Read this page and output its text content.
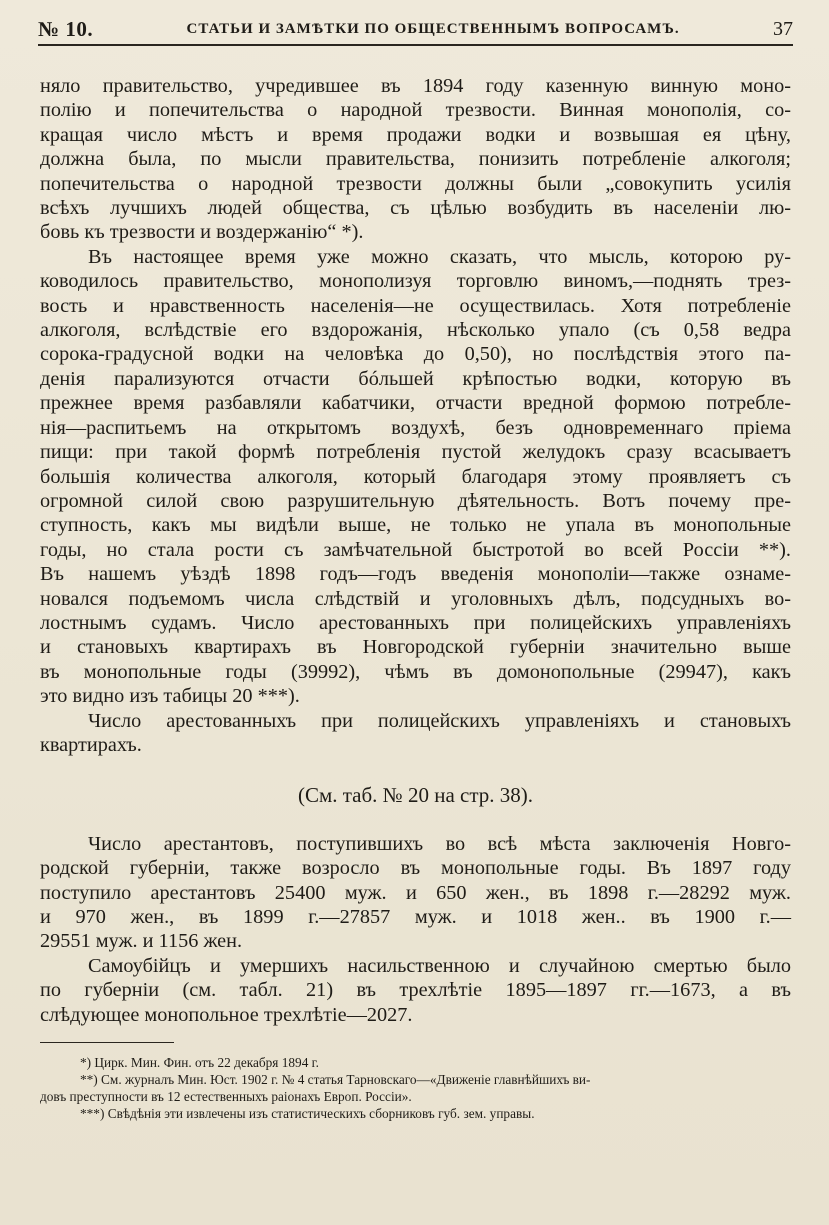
№ 10.	СТАТЬИ И ЗАМѢТКИ ПО ОБЩЕСТВЕННЫМЪ ВОПРОСАМЪ.	37

няло правительство, учредившее въ 1894 году казенную винную моно-
полiю и попечительства о народной трезвости. Винная монополiя, со-
кращая число мѣстъ и время продажи водки и возвышая ея цѣну,
должна была, по мысли правительства, понизить потребленiе алкоголя;
попечительства о народной трезвости должны были „совокупить усилiя
всѣхъ лучшихъ людей общества, съ цѣлью возбудить въ населенiи лю-
бовь къ трезвости и воздержанiю“ *).

Въ настоящее время уже можно сказать, что мысль, которою ру-
ководилось правительство, монополизуя торговлю виномъ,—поднять трез-
вость и нравственность населенiя—не осуществилась. Хотя потребленiе
алкоголя, вслѣдствiе его вздорожанiя, нѣсколько упало (съ 0,58 ведра
сорока-градусной водки на человѣка до 0,50), но послѣдствiя этого па-
денiя парализуются отчасти бóльшей крѣпостью водки, которую въ
прежнее время разбавляли кабатчики, отчасти вредной формою потребле-
нiя—распитьемъ на открытомъ воздухѣ, безъ одновременнаго прiема
пищи: при такой формѣ потребленiя пустой желудокъ сразу всасываетъ
большiя количества алкоголя, который благодаря этому проявляетъ съ
огромной силой свою разрушительную дѣятельность. Вотъ почему пре-
ступность, какъ мы видѣли выше, не только не упала въ монопольные
годы, но стала рости съ замѣчательной быстротой во всей Россiи **).
Въ нашемъ уѣздѣ 1898 годъ—годъ введенiя монополiи—также ознаме-
новался подъемомъ числа слѣдствiй и уголовныхъ дѣлъ, подсудныхъ во-
лостнымъ судамъ. Число арестованныхъ при полицейскихъ управленiяхъ
и становыхъ квартирахъ въ Новгородской губернiи значительно выше
въ монопольные годы (39992), чѣмъ въ домонопольные (29947), какъ
это видно изъ табицы 20 ***).

Число арестованныхъ при полицейскихъ управленiяхъ и становыхъ
квартирахъ.

(См. таб. № 20 на стр. 38).

Число арестантовъ, поступившихъ во всѣ мѣста заключенiя Новго-
родской губернiи, также возросло въ монопольные годы. Въ 1897 году
поступило арестантовъ 25400 муж. и 650 жен., въ 1898 г.—28292 муж.
и 970 жен., въ 1899 г.—27857 муж. и 1018 жен.. въ 1900 г.—
29551 муж. и 1156 жен.

Самоубiйцъ и умершихъ насильственною и случайною смертью было
по губернiи (см. табл. 21) въ трехлѣтiе 1895—1897 гг.—1673, а въ
слѣдующее монопольное трехлѣтiе—2027.

*) Цирк. Мин. Фин. отъ 22 декабря 1894 г.
**) См. журналъ Мин. Юст. 1902 г. № 4 статья Тарновскаго—«Движенiе главнѣйшихъ ви-
довъ преступности въ 12 естественныхъ раiонахъ Европ. Россiи».
***) Свѣдѣнiя эти извлечены изъ статистическихъ сборниковъ губ. зем. управы.
